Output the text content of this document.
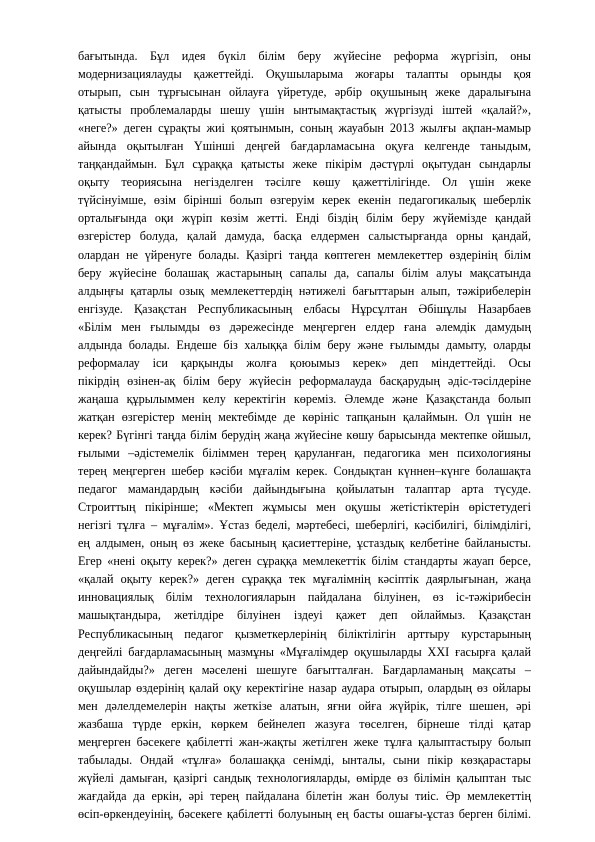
бағытында. Бұл идея бүкіл білім беру жүйесіне реформа жүргізіп, оны
модернизациялауды қажеттейді. Оқушыларыма жоғары талапты орынды қоя
отырып, сын тұрғысынан ойлауға үйретуде, әрбір оқушының жеке даралығына
қатысты проблемаларды шешу үшін ынтымақтастық жүргізуді іштей «қалай?»,
«неге?» деген сұрақты жиі қоятынмын, соның жауабын 2013 жылғы ақпан-мамыр
айында оқытылған Үшінші деңгей бағдарламасына оқуға келгенде таныдым,
таңқандаймын. Бұл сұраққа қатысты жеке пікірім дәстүрлі оқытудан сындарлы
оқыту теориясына негізделген тәсілге көшу қажеттілігінде. Ол үшін жеке
түйсінуімше, өзім бірінші болып өзгеруім керек екенін педагогикалық шеберлік
орталығында оқи жүріп көзім жетті. Енді біздің білім беру жүйемізде қандай
өзгерістер болуда, қалай дамуда, басқа елдермен салыстырғанда орны қандай,
олардан не үйренуге болады. Қазіргі таңда көптеген мемлекеттер өздерінің білім
беру жүйесіне болашақ жастарының сапалы да, сапалы білім алуы мақсатында
алдыңғы қатарлы озық мемлекеттердің нәтижелі бағыттарын алып, тәжірибелерін
енгізуде. Қазақстан Республикасының елбасы Нұрсұлтан Әбішұлы Назарбаев
«Білім мен ғылымды өз дәрежесінде меңгерген елдер ғана әлемдік дамудың
алдында болады. Ендеше біз халыққа білім беру және ғылымды дамыту, оларды
реформалау іси қарқынды жолға қоюымыз керек» деп міндеттейді. Осы
пікірдің өзінен-ақ білім беру жүйесін реформалауда басқарудың әдіс-тәсілдеріне
жаңаша құрылыммен келу керектігін көреміз. Әлемде және Қазақстанда болып
жатқан өзгерістер менің мектебімде де көрініс тапқанын қалаймын. Ол үшін не
керек? Бүгінгі таңда білім берудің жаңа жүйесіне көшу барысында мектепке ойшыл,
ғылыми –әдістемелік біліммен терең қаруланған, педагогика мен психологияны
терең меңгерген шебер кәсіби мұғалім керек. Сондықтан күннен–күнге болашақта
педагог мамандардың кәсіби дайындығына қойылатын талаптар арта түсуде.
Строиттың пікірінше; «Мектеп жұмысы мен оқушы жетістіктерін өрістетудегі
негізгі тұлға – мұғалім». Ұстаз беделі, мәртебесі, шеберлігі, кәсібилігі, білімділігі,
ең алдымен, оның өз жеке басының қасиеттеріне, ұстаздық келбетіне байланысты.
Егер «нені оқыту керек?» деген сұраққа мемлекеттік білім стандарты жауап берсе,
«қалай оқыту керек?» деген сұраққа тек мұғалімнің кәсіптік даярлығынан, жаңа
инновациялық білім технологияларын пайдалана білуінен, өз іс-тәжірибесін
машықтандыра, жетілдіре білуінен іздеуі қажет деп ойлаймыз. Қазақстан
Республикасының педагог қызметкерлерінің біліктілігін арттыру курстарының
деңгейлі бағдарламасының мазмұны «Мұғалімдер оқушыларды XXI ғасырға қалай
дайындайды?» деген мәселені шешуге бағытталған. Бағдарламаның мақсаты –
оқушылар өздерінің қалай оқу керектігіне назар аудара отырып, олардың өз ойлары
мен дәлелдемелерін нақты жеткізе алатын, яғни ойға жүйрік, тілге шешен, әрі
жазбаша түрде еркін, көркем бейнелеп жазуға төселген, бірнеше тілді қатар
меңгерген бәсекеге қабілетті жан-жақты жетілген жеке тұлға қалыптастыру болып
табылады. Ондай «тұлға» болашаққа сенімді, ынталы, сыни пікір көзқарастары
жүйелі дамыған, қазіргі сандық технологияларды, өмірде өз білімін қалыптан тыс
жағдайда да еркін, әрі терең пайдалана білетін жан болуы тиіс. Әр мемлекеттің
өсіп-өркендеуінің, бәсекеге қабілетті болуының ең басты ошағы-ұстаз берген білімі.
